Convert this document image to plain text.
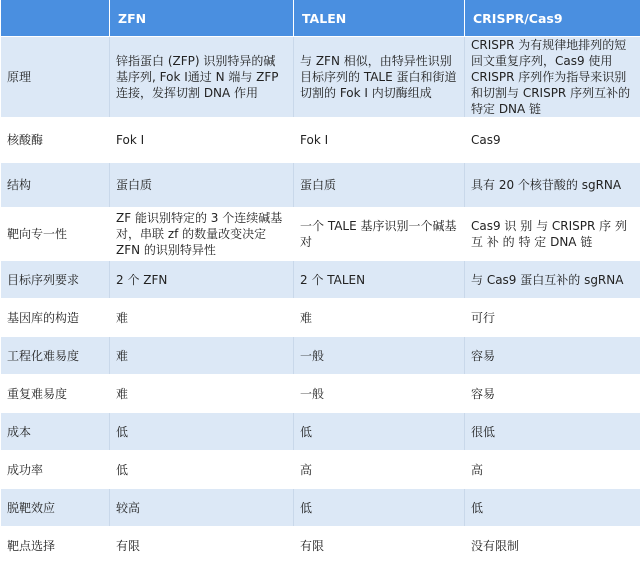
	ZFN	TALEN	CRISPR/Cas9
原理	锌指蛋白 (ZFP) 识别特异的碱基序列, Fok I通过 N 端与 ZFP 连接，发挥切割 DNA 作用	与 ZFN 相似，由特异性识别目标序列的 TALE 蛋白和街道切割的 Fok I 内切酶组成	CRISPR 为有规律地排列的短回文重复序列，Cas9 使用 CRISPR 序列作为指导来识别和切割与 CRISPR 序列互补的特定 DNA 链
核酸酶	Fok I	Fok I	Cas9
结构	蛋白质	蛋白质	具有 20 个核苷酸的 sgRNA
靶向专一性	ZF 能识别特定的 3 个连续碱基对，串联 zf 的数量改变决定 ZFN 的识别特异性	一个 TALE 基序识别一个碱基对	Cas9 识 别 与 CRISPR 序 列 互 补 的 特 定 DNA 链
目标序列要求	2 个 ZFN	2 个 TALEN	与 Cas9 蛋白互补的 sgRNA
基因库的构造	难	难	可行
工程化难易度	难	一般	容易
重复难易度	难	一般	容易
成本	低	低	很低
成功率	低	高	高
脱靶效应	较高	低	低
靶点选择	有限	有限	没有限制
